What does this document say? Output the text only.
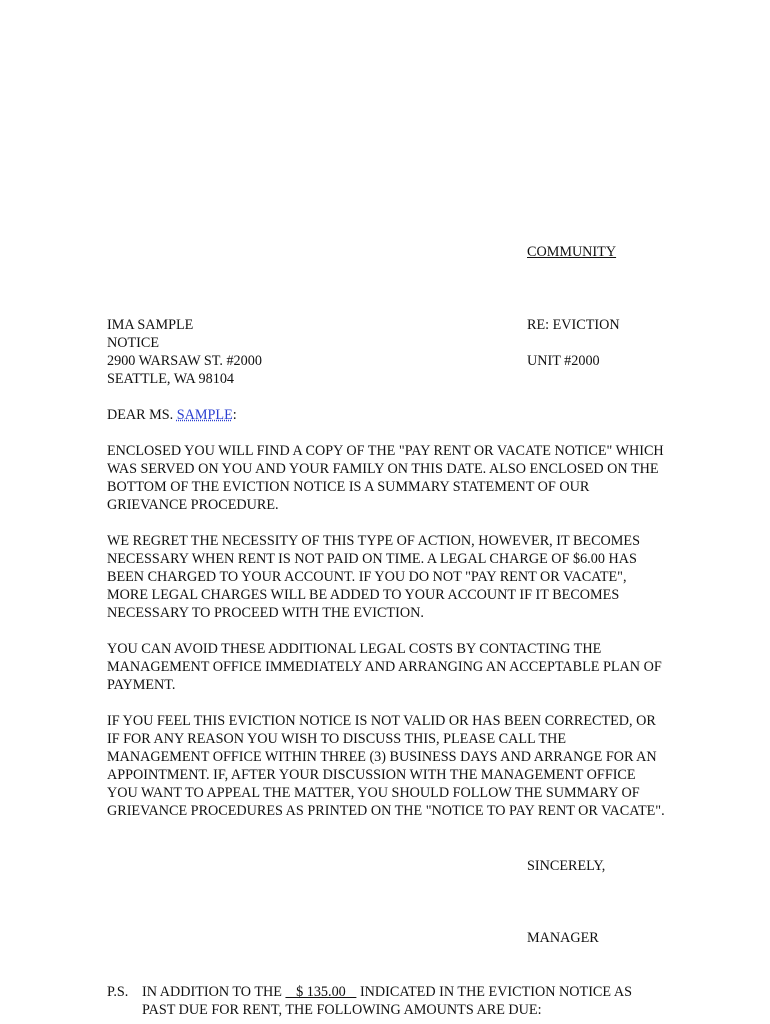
COMMUNITY
IMA SAMPLE
NOTICE
2900 WARSAW ST. #2000
SEATTLE, WA 98104
RE: EVICTION
UNIT #2000
DEAR MS. SAMPLE:

ENCLOSED YOU WILL FIND A COPY OF THE "PAY RENT OR VACATE NOTICE" WHICH WAS SERVED ON YOU AND YOUR FAMILY ON THIS DATE. ALSO ENCLOSED ON THE BOTTOM OF THE EVICTION NOTICE IS A SUMMARY STATEMENT OF OUR GRIEVANCE PROCEDURE.

WE REGRET THE NECESSITY OF THIS TYPE OF ACTION, HOWEVER, IT BECOMES NECESSARY WHEN RENT IS NOT PAID ON TIME. A LEGAL CHARGE OF $6.00 HAS BEEN CHARGED TO YOUR ACCOUNT. IF YOU DO NOT "PAY RENT OR VACATE", MORE LEGAL CHARGES WILL BE ADDED TO YOUR ACCOUNT IF IT BECOMES NECESSARY TO PROCEED WITH THE EVICTION.

YOU CAN AVOID THESE ADDITIONAL LEGAL COSTS BY CONTACTING THE MANAGEMENT OFFICE IMMEDIATELY AND ARRANGING AN ACCEPTABLE PLAN OF PAYMENT.

IF YOU FEEL THIS EVICTION NOTICE IS NOT VALID OR HAS BEEN CORRECTED, OR IF FOR ANY REASON YOU WISH TO DISCUSS THIS, PLEASE CALL THE MANAGEMENT OFFICE WITHIN THREE (3) BUSINESS DAYS AND ARRANGE FOR AN APPOINTMENT. IF, AFTER YOUR DISCUSSION WITH THE MANAGEMENT OFFICE YOU WANT TO APPEAL THE MATTER, YOU SHOULD FOLLOW THE SUMMARY OF GRIEVANCE PROCEDURES AS PRINTED ON THE "NOTICE TO PAY RENT OR VACATE".

SINCERELY,
MANAGER
P.S. IN ADDITION TO THE    $ 135.00    INDICATED IN THE EVICTION NOTICE AS
PAST DUE FOR RENT, THE FOLLOWING AMOUNTS ARE DUE:
